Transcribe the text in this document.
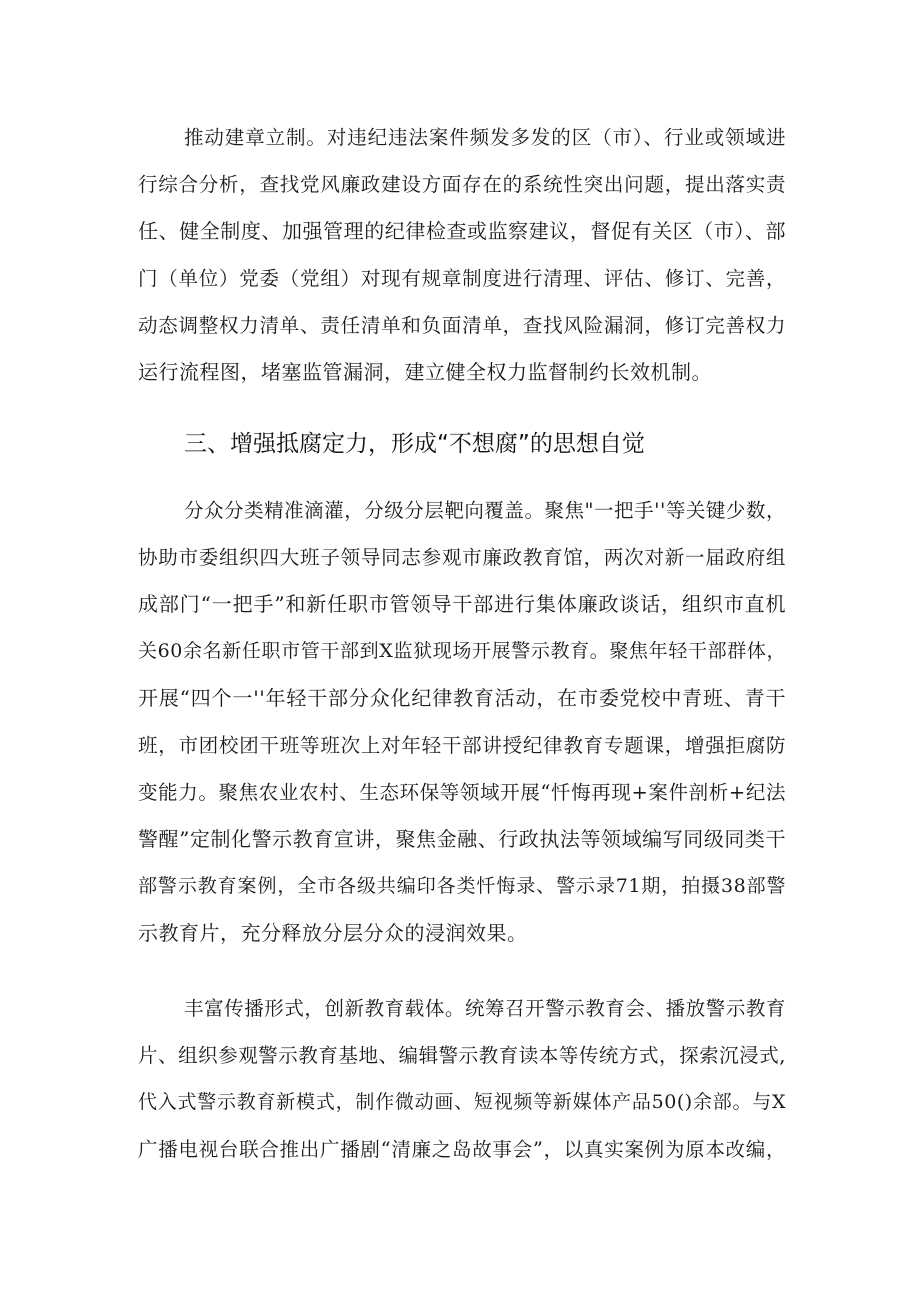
推动建章立制。对违纪违法案件频发多发的区（市）、行业或领域进
行综合分析，查找党风廉政建设方面存在的系统性突出问题，提出落实责
任、健全制度、加强管理的纪律检查或监察建议，督促有关区（市）、部
门（单位）党委（党组）对现有规章制度进行清理、评估、修订、完善，
动态调整权力清单、责任清单和负面清单，查找风险漏洞，修订完善权力
运行流程图，堵塞监管漏洞，建立健全权力监督制约长效机制。
三、增强抵腐定力，形成“不想腐”的思想自觉
分众分类精准滴灌，分级分层靶向覆盖。聚焦"一把手''等关键少数，
协助市委组织四大班子领导同志参观市廉政教育馆，两次对新一届政府组
成部门“一把手”和新任职市管领导干部进行集体廉政谈话，组织市直机
关60余名新任职市管干部到X监狱现场开展警示教育。聚焦年轻干部群体，
开展“四个一''年轻干部分众化纪律教育活动，在市委党校中青班、青干
班，市团校团干班等班次上对年轻干部讲授纪律教育专题课，增强拒腐防
变能力。聚焦农业农村、生态环保等领域开展“忏悔再现+案件剖析+纪法
警醒”定制化警示教育宣讲，聚焦金融、行政执法等领域编写同级同类干
部警示教育案例，全市各级共编印各类忏悔录、警示录71期，拍摄38部警
示教育片，充分释放分层分众的浸润效果。
丰富传播形式，创新教育载体。统筹召开警示教育会、播放警示教育
片、组织参观警示教育基地、编辑警示教育读本等传统方式，探索沉浸式,
代入式警示教育新模式，制作微动画、短视频等新媒体产品50()余部。与X
广播电视台联合推出广播剧“清廉之岛故事会”，以真实案例为原本改编，
